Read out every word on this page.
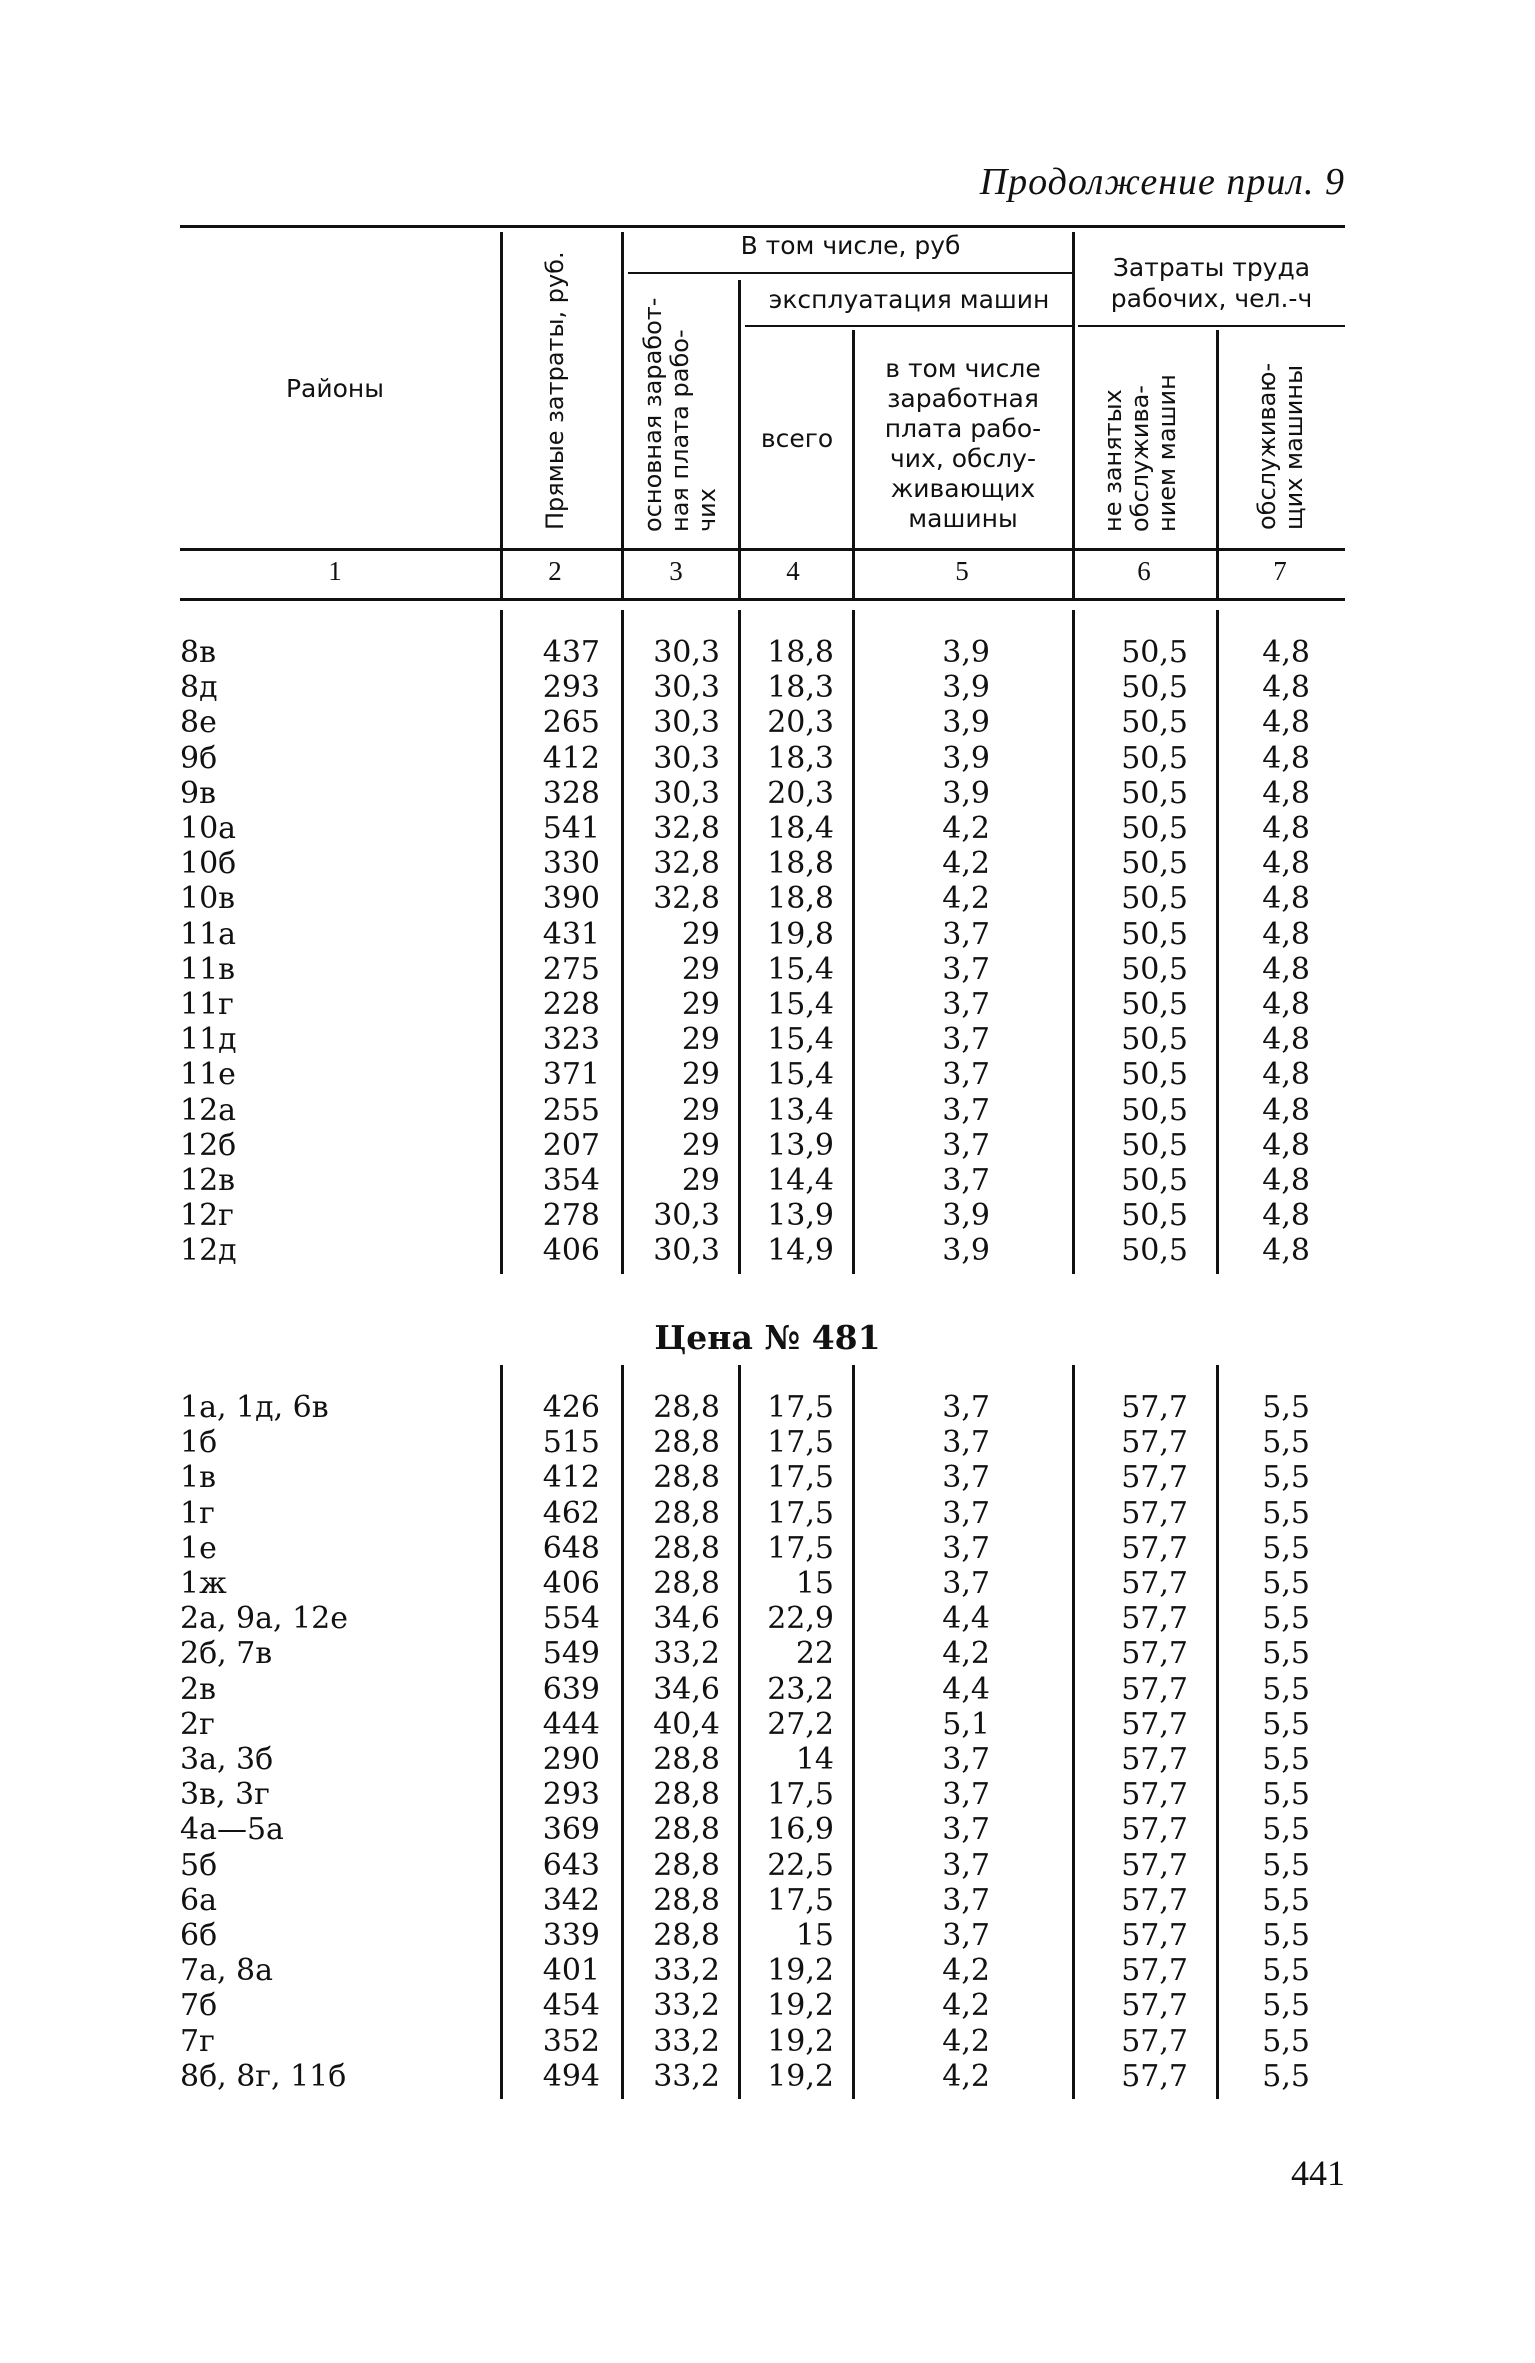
Продолжение прил. 9
Районы	Прямые затраты, руб.
В том числе, руб
основная заработ- ная плата рабо- чих
эксплуатация машин
всего
в том числе
заработная
плата рабо-
чих, обслу-
живающих
машины
Затраты труда
рабочих, чел.-ч
не занятых обслужива- нием машин	обслуживаю- щих машины
1	2	3	4	5	6	7
8в	437	30,3	18,8	3,9	50,5	4,8
8д	293	30,3	18,3	3,9	50,5	4,8
8е	265	30,3	20,3	3,9	50,5	4,8
9б	412	30,3	18,3	3,9	50,5	4,8
9в	328	30,3	20,3	3,9	50,5	4,8
10а	541	32,8	18,4	4,2	50,5	4,8
10б	330	32,8	18,8	4,2	50,5	4,8
10в	390	32,8	18,8	4,2	50,5	4,8
11а	431	29	19,8	3,7	50,5	4,8
11в	275	29	15,4	3,7	50,5	4,8
11г	228	29	15,4	3,7	50,5	4,8
11д	323	29	15,4	3,7	50,5	4,8
11е	371	29	15,4	3,7	50,5	4,8
12а	255	29	13,4	3,7	50,5	4,8
12б	207	29	13,9	3,7	50,5	4,8
12в	354	29	14,4	3,7	50,5	4,8
12г	278	30,3	13,9	3,9	50,5	4,8
12д	406	30,3	14,9	3,9	50,5	4,8
Цена № 481
1а, 1д, 6в	426	28,8	17,5	3,7	57,7	5,5
1б	515	28,8	17,5	3,7	57,7	5,5
1в	412	28,8	17,5	3,7	57,7	5,5
1г	462	28,8	17,5	3,7	57,7	5,5
1е	648	28,8	17,5	3,7	57,7	5,5
1ж	406	28,8	15	3,7	57,7	5,5
2а, 9а, 12е	554	34,6	22,9	4,4	57,7	5,5
2б, 7в	549	33,2	22	4,2	57,7	5,5
2в	639	34,6	23,2	4,4	57,7	5,5
2г	444	40,4	27,2	5,1	57,7	5,5
3а, 3б	290	28,8	14	3,7	57,7	5,5
3в, 3г	293	28,8	17,5	3,7	57,7	5,5
4а—5а	369	28,8	16,9	3,7	57,7	5,5
5б	643	28,8	22,5	3,7	57,7	5,5
6а	342	28,8	17,5	3,7	57,7	5,5
6б	339	28,8	15	3,7	57,7	5,5
7а, 8а	401	33,2	19,2	4,2	57,7	5,5
7б	454	33,2	19,2	4,2	57,7	5,5
7г	352	33,2	19,2	4,2	57,7	5,5
8б, 8г, 11б	494	33,2	19,2	4,2	57,7	5,5
441
